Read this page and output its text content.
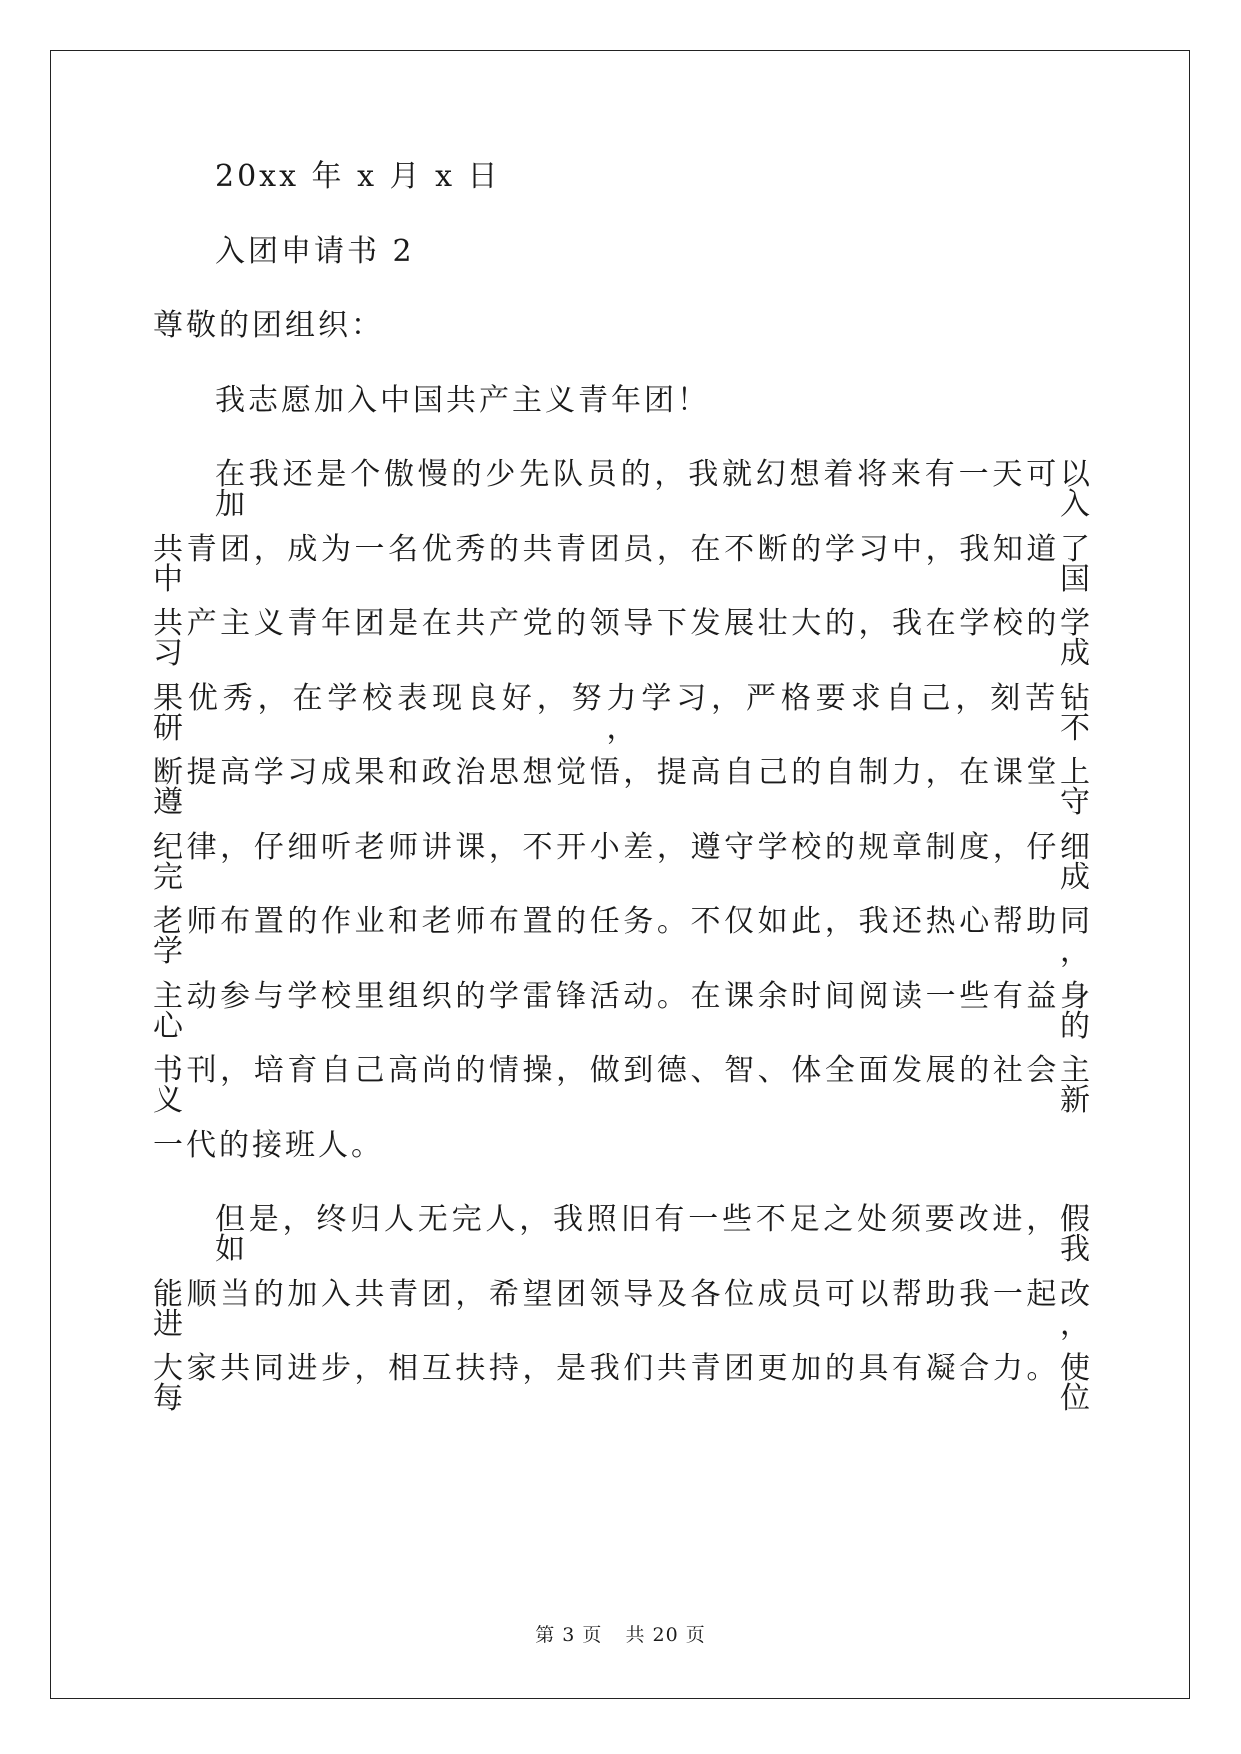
20xx 年 x 月 x 日
入团申请书 2
尊敬的团组织：
我志愿加入中国共产主义青年团！
在我还是个傲慢的少先队员的，我就幻想着将来有一天可以加入
共青团，成为一名优秀的共青团员，在不断的学习中，我知道了中国
共产主义青年团是在共产党的领导下发展壮大的，我在学校的学习成
果优秀，在学校表现良好，努力学习，严格要求自己，刻苦钻研，不
断提高学习成果和政治思想觉悟，提高自己的自制力，在课堂上遵守
纪律，仔细听老师讲课，不开小差，遵守学校的规章制度，仔细完成
老师布置的作业和老师布置的任务。不仅如此，我还热心帮助同学，
主动参与学校里组织的学雷锋活动。在课余时间阅读一些有益身心的
书刊，培育自己高尚的情操，做到德、智、体全面发展的社会主义新
一代的接班人。
但是，终归人无完人，我照旧有一些不足之处须要改进，假如我
能顺当的加入共青团，希望团领导及各位成员可以帮助我一起改进，
大家共同进步，相互扶持，是我们共青团更加的具有凝合力。使每位
第 3 页 共 20 页
